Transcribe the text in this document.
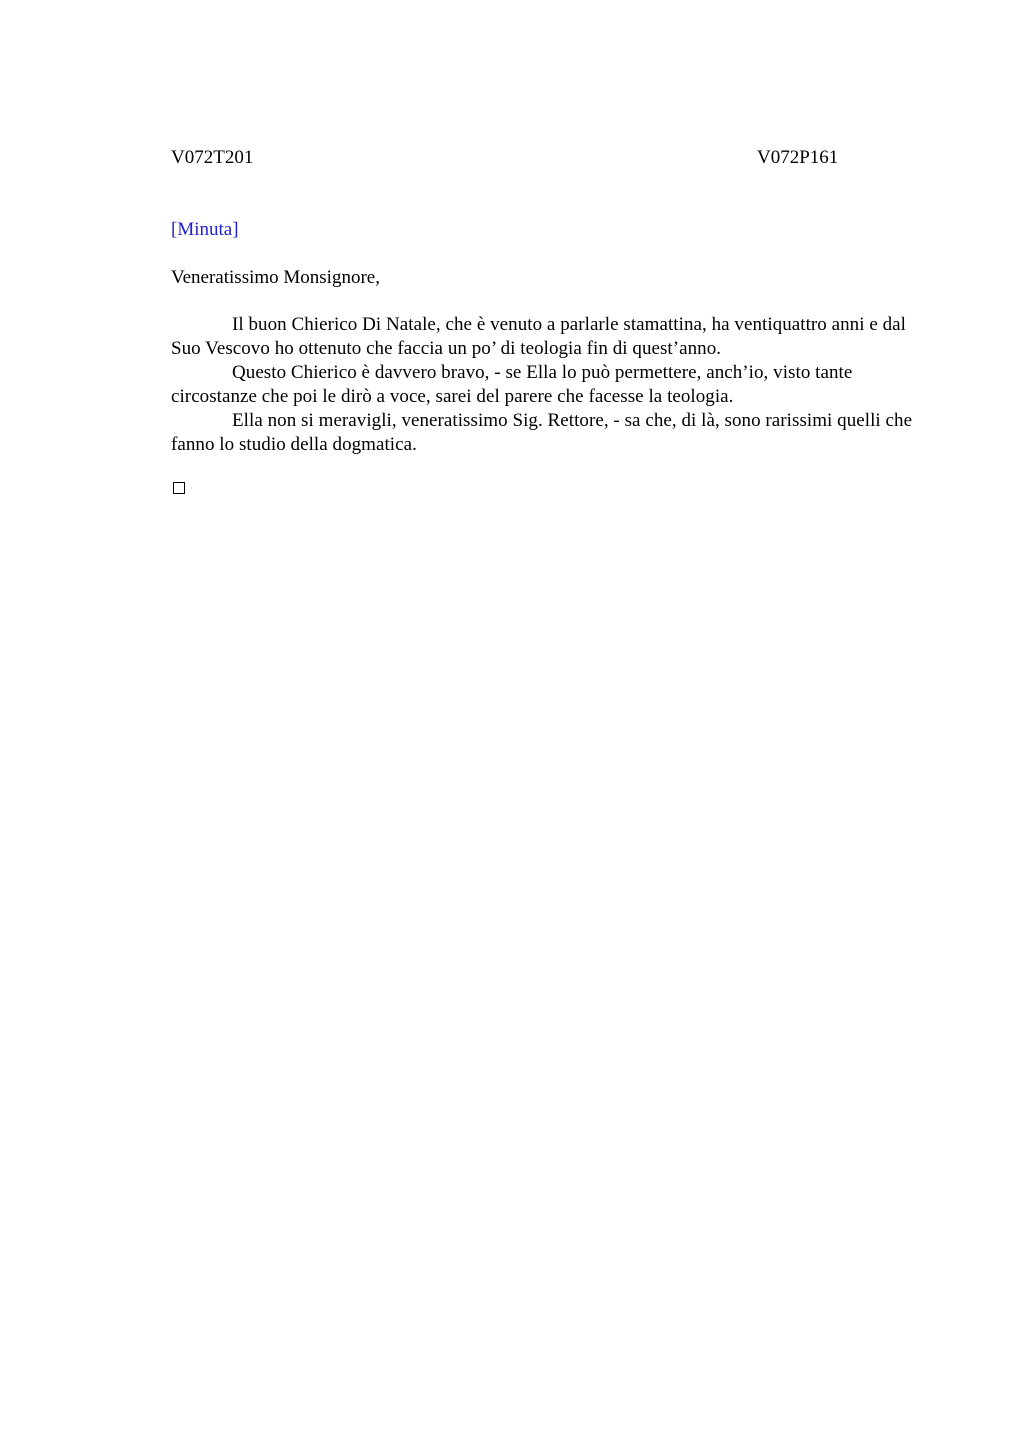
V072T201	V072P161
[Minuta]
Veneratissimo Monsignore,

Il buon Chierico Di Natale, che è venuto a parlarle stamattina, ha ventiquattro anni e dal Suo Vescovo ho ottenuto che faccia un po’ di teologia fin di quest’anno.

Questo Chierico è davvero bravo, - se Ella lo può permettere, anch’io, visto tante circostanze che poi le dirò a voce, sarei del parere che facesse la teologia.

Ella non si meravigli, veneratissimo Sig. Rettore, - sa che, di là, sono rarissimi quelli che fanno lo studio della dogmatica.
